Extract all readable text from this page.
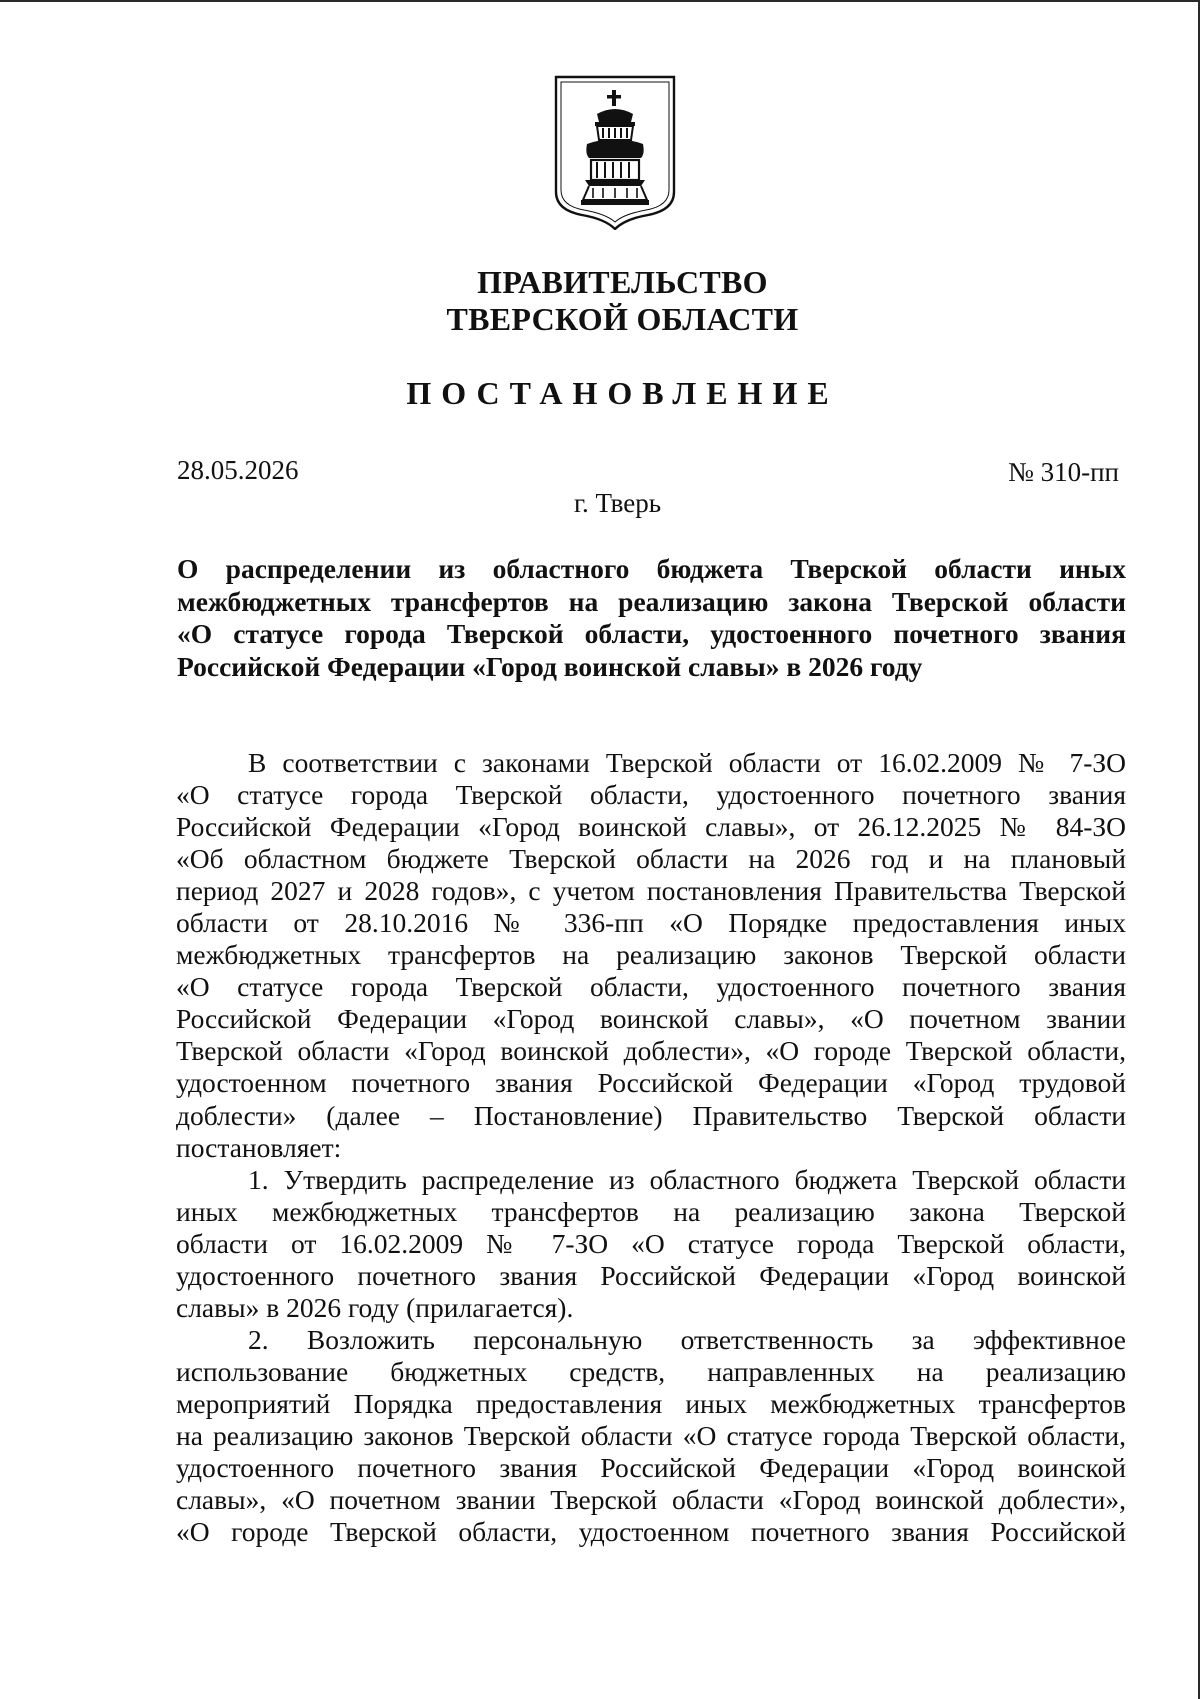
ПРАВИТЕЛЬСТВО
ТВЕРСКОЙ ОБЛАСТИ
ПОСТАНОВЛЕНИЕ
28.05.2026	№ 310-пп
г. Тверь
О распределении из областного бюджета Тверской области иных
межбюджетных трансфертов на реализацию закона Тверской области
«О статусе города Тверской области, удостоенного почетного звания
Российской Федерации «Город воинской славы» в 2026 году
В соответствии с законами Тверской области от 16.02.2009 № 7-ЗО
«О статусе города Тверской области, удостоенного почетного звания
Российской Федерации «Город воинской славы», от 26.12.2025 № 84-ЗО
«Об областном бюджете Тверской области на 2026 год и на плановый
период 2027 и 2028 годов», с учетом постановления Правительства Тверской
области от 28.10.2016 № 336-пп «О Порядке предоставления иных
межбюджетных трансфертов на реализацию законов Тверской области
«О статусе города Тверской области, удостоенного почетного звания
Российской Федерации «Город воинской славы», «О почетном звании
Тверской области «Город воинской доблести», «О городе Тверской области,
удостоенном почетного звания Российской Федерации «Город трудовой
доблести» (далее – Постановление) Правительство Тверской области
постановляет:
1. Утвердить распределение из областного бюджета Тверской области
иных межбюджетных трансфертов на реализацию закона Тверской
области от 16.02.2009 № 7-ЗО «О статусе города Тверской области,
удостоенного почетного звания Российской Федерации «Город воинской
славы» в 2026 году (прилагается).
2. Возложить персональную ответственность за эффективное
использование бюджетных средств, направленных на реализацию
мероприятий Порядка предоставления иных межбюджетных трансфертов
на реализацию законов Тверской области «О статусе города Тверской области,
удостоенного почетного звания Российской Федерации «Город воинской
славы», «О почетном звании Тверской области «Город воинской доблести»,
«О городе Тверской области, удостоенном почетного звания Российской
